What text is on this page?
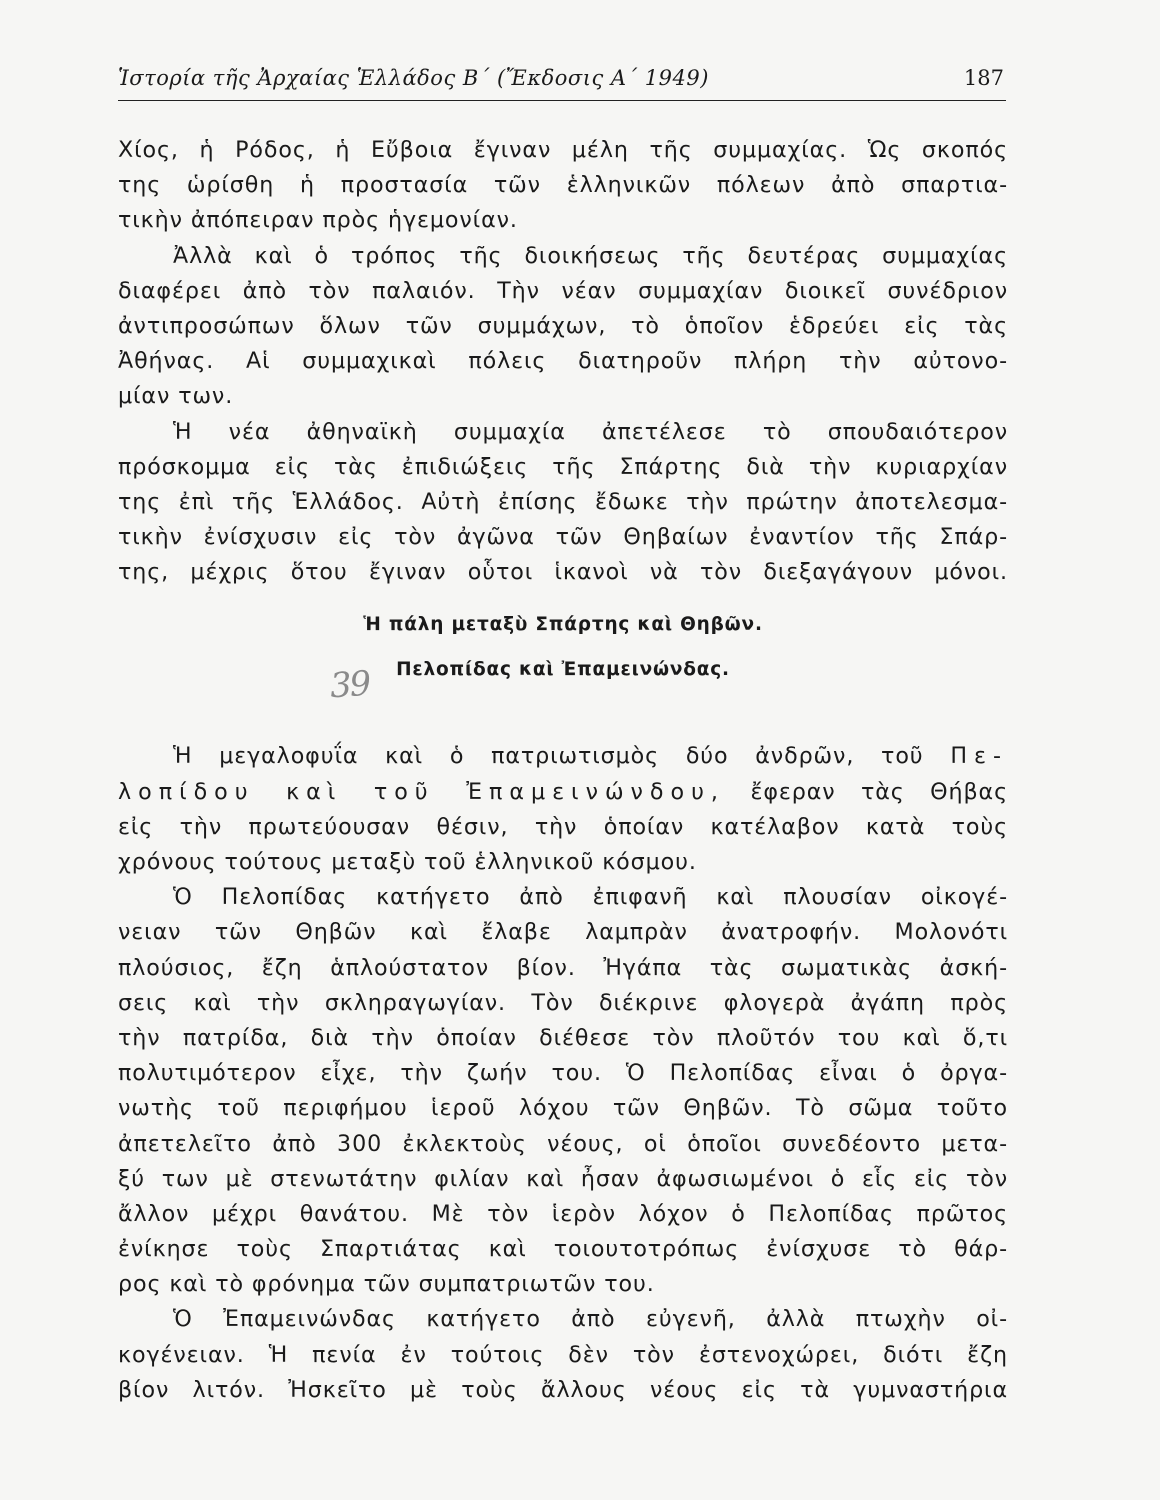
Ἱστορία τῆς Ἀρχαίας Ἑλλάδος Β΄ (Ἔκδοσις Α΄ 1949)	187
Χίος, ἡ Ρόδος, ἡ Εὔβοια ἔγιναν μέλη τῆς συμμαχίας. Ὡς σκοπός
της ὡρίσθη ἡ προστασία τῶν ἑλληνικῶν πόλεων ἀπὸ σπαρτια-
τικὴν ἀπόπειραν πρὸς ἡγεμονίαν.
Ἀλλὰ καὶ ὁ τρόπος τῆς διοικήσεως τῆς δευτέρας συμμαχίας
διαφέρει ἀπὸ τὸν παλαιόν. Τὴν νέαν συμμαχίαν διοικεῖ συνέδριον
ἀντιπροσώπων ὅλων τῶν συμμάχων, τὸ ὁποῖον ἑδρεύει εἰς τὰς
Ἀθήνας. Αἱ συμμαχικαὶ πόλεις διατηροῦν πλήρη τὴν αὐτονο-
μίαν των.
Ἡ νέα ἀθηναϊκὴ συμμαχία ἀπετέλεσε τὸ σπουδαιότερον
πρόσκομμα εἰς τὰς ἐπιδιώξεις τῆς Σπάρτης διὰ τὴν κυριαρχίαν
της ἐπὶ τῆς Ἑλλάδος. Αὐτὴ ἐπίσης ἔδωκε τὴν πρώτην ἀποτελεσμα-
τικὴν ἐνίσχυσιν εἰς τὸν ἀγῶνα τῶν Θηβαίων ἐναντίον τῆς Σπάρ-
της, μέχρις ὅτου ἔγιναν οὗτοι ἱκανοὶ νὰ τὸν διεξαγάγουν μόνοι.
Ἡ πάλη μεταξὺ Σπάρτης καὶ Θηβῶν.
Πελοπίδας καὶ Ἐπαμεινώνδας.
Ἡ μεγαλοφυΐα καὶ ὁ πατριωτισμὸς δύο ἀνδρῶν, τοῦ Πε-
λοπίδου καὶ τοῦ Ἐπαμεινώνδου, ἔφεραν τὰς Θήβας
εἰς τὴν πρωτεύουσαν θέσιν, τὴν ὁποίαν κατέλαβον κατὰ τοὺς
χρόνους τούτους μεταξὺ τοῦ ἑλληνικοῦ κόσμου.
Ὁ Πελοπίδας κατήγετο ἀπὸ ἐπιφανῆ καὶ πλουσίαν οἰκογέ-
νειαν τῶν Θηβῶν καὶ ἔλαβε λαμπρὰν ἀνατροφήν. Μολονότι
πλούσιος, ἔζη ἁπλούστατον βίον. Ἠγάπα τὰς σωματικὰς ἀσκή-
σεις καὶ τὴν σκληραγωγίαν. Τὸν διέκρινε φλογερὰ ἀγάπη πρὸς
τὴν πατρίδα, διὰ τὴν ὁποίαν διέθεσε τὸν πλοῦτόν του καὶ ὅ,τι
πολυτιμότερον εἶχε, τὴν ζωήν του. Ὁ Πελοπίδας εἶναι ὁ ὀργα-
νωτὴς τοῦ περιφήμου ἱεροῦ λόχου τῶν Θηβῶν. Τὸ σῶμα τοῦτο
ἀπετελεῖτο ἀπὸ 300 ἐκλεκτοὺς νέους, οἱ ὁποῖοι συνεδέοντο μετα-
ξύ των μὲ στενωτάτην φιλίαν καὶ ἦσαν ἀφωσιωμένοι ὁ εἷς εἰς τὸν
ἄλλον μέχρι θανάτου. Μὲ τὸν ἱερὸν λόχον ὁ Πελοπίδας πρῶτος
ἐνίκησε τοὺς Σπαρτιάτας καὶ τοιουτοτρόπως ἐνίσχυσε τὸ θάρ-
ρος καὶ τὸ φρόνημα τῶν συμπατριωτῶν του.
Ὁ Ἐπαμεινώνδας κατήγετο ἀπὸ εὐγενῆ, ἀλλὰ πτωχὴν οἰ-
κογένειαν. Ἡ πενία ἐν τούτοις δὲν τὸν ἐστενοχώρει, διότι ἔζη
βίον λιτόν. Ἠσκεῖτο μὲ τοὺς ἄλλους νέους εἰς τὰ γυμναστήρια
39
